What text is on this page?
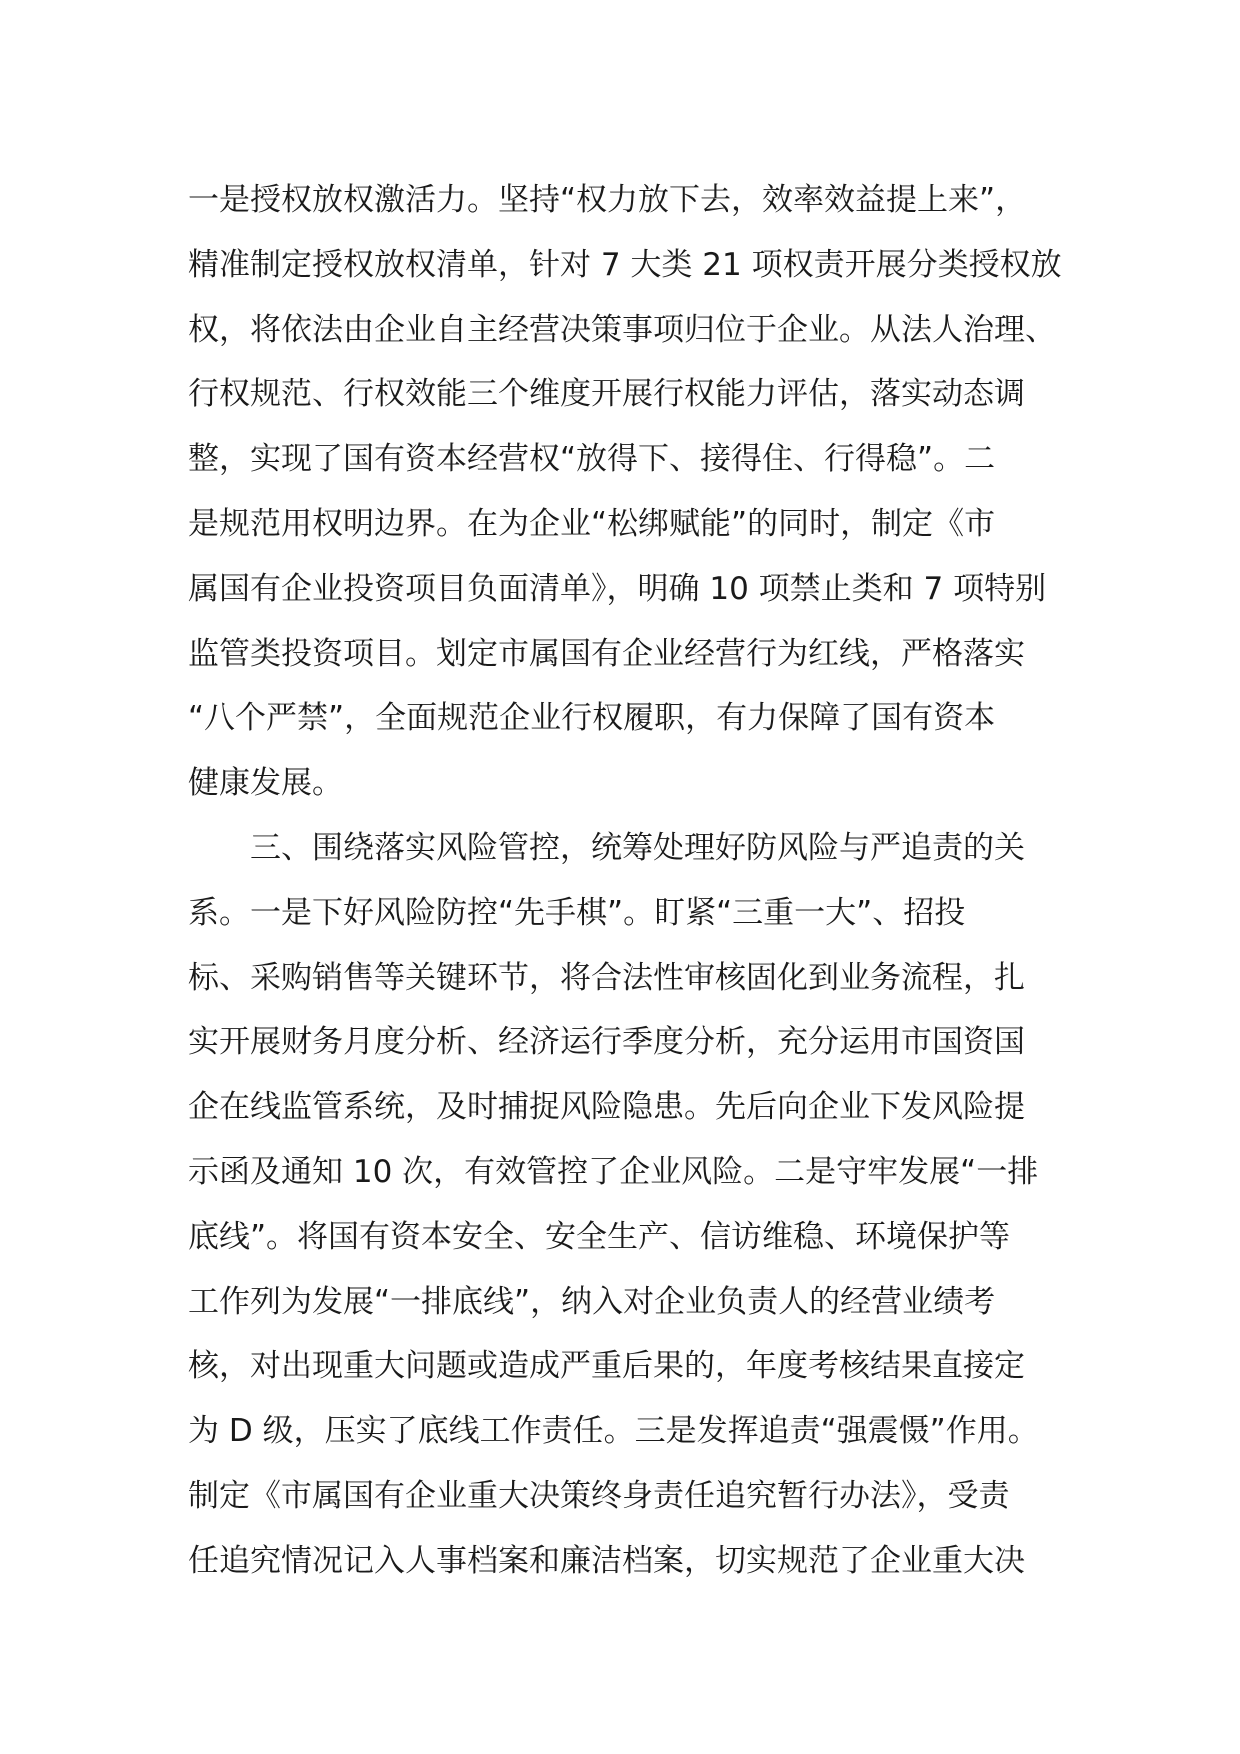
一是授权放权激活力。坚持“权力放下去，效率效益提上来”，
精准制定授权放权清单，针对 7 大类 21 项权责开展分类授权放
权，将依法由企业自主经营决策事项归位于企业。从法人治理、
行权规范、行权效能三个维度开展行权能力评估，落实动态调
整，实现了国有资本经营权“放得下、接得住、行得稳”。二
是规范用权明边界。在为企业“松绑赋能”的同时，制定《市
属国有企业投资项目负面清单》，明确 10 项禁止类和 7 项特别
监管类投资项目。划定市属国有企业经营行为红线，严格落实
“八个严禁”，全面规范企业行权履职，有力保障了国有资本
健康发展。
三、围绕落实风险管控，统筹处理好防风险与严追责的关
系。一是下好风险防控“先手棋”。盯紧“三重一大”、招投
标、采购销售等关键环节，将合法性审核固化到业务流程，扎
实开展财务月度分析、经济运行季度分析，充分运用市国资国
企在线监管系统，及时捕捉风险隐患。先后向企业下发风险提
示函及通知 10 次，有效管控了企业风险。二是守牢发展“一排
底线”。将国有资本安全、安全生产、信访维稳、环境保护等
工作列为发展“一排底线”，纳入对企业负责人的经营业绩考
核，对出现重大问题或造成严重后果的，年度考核结果直接定
为 D 级，压实了底线工作责任。三是发挥追责“强震慑”作用。
制定《市属国有企业重大决策终身责任追究暂行办法》，受责
任追究情况记入人事档案和廉洁档案，切实规范了企业重大决
